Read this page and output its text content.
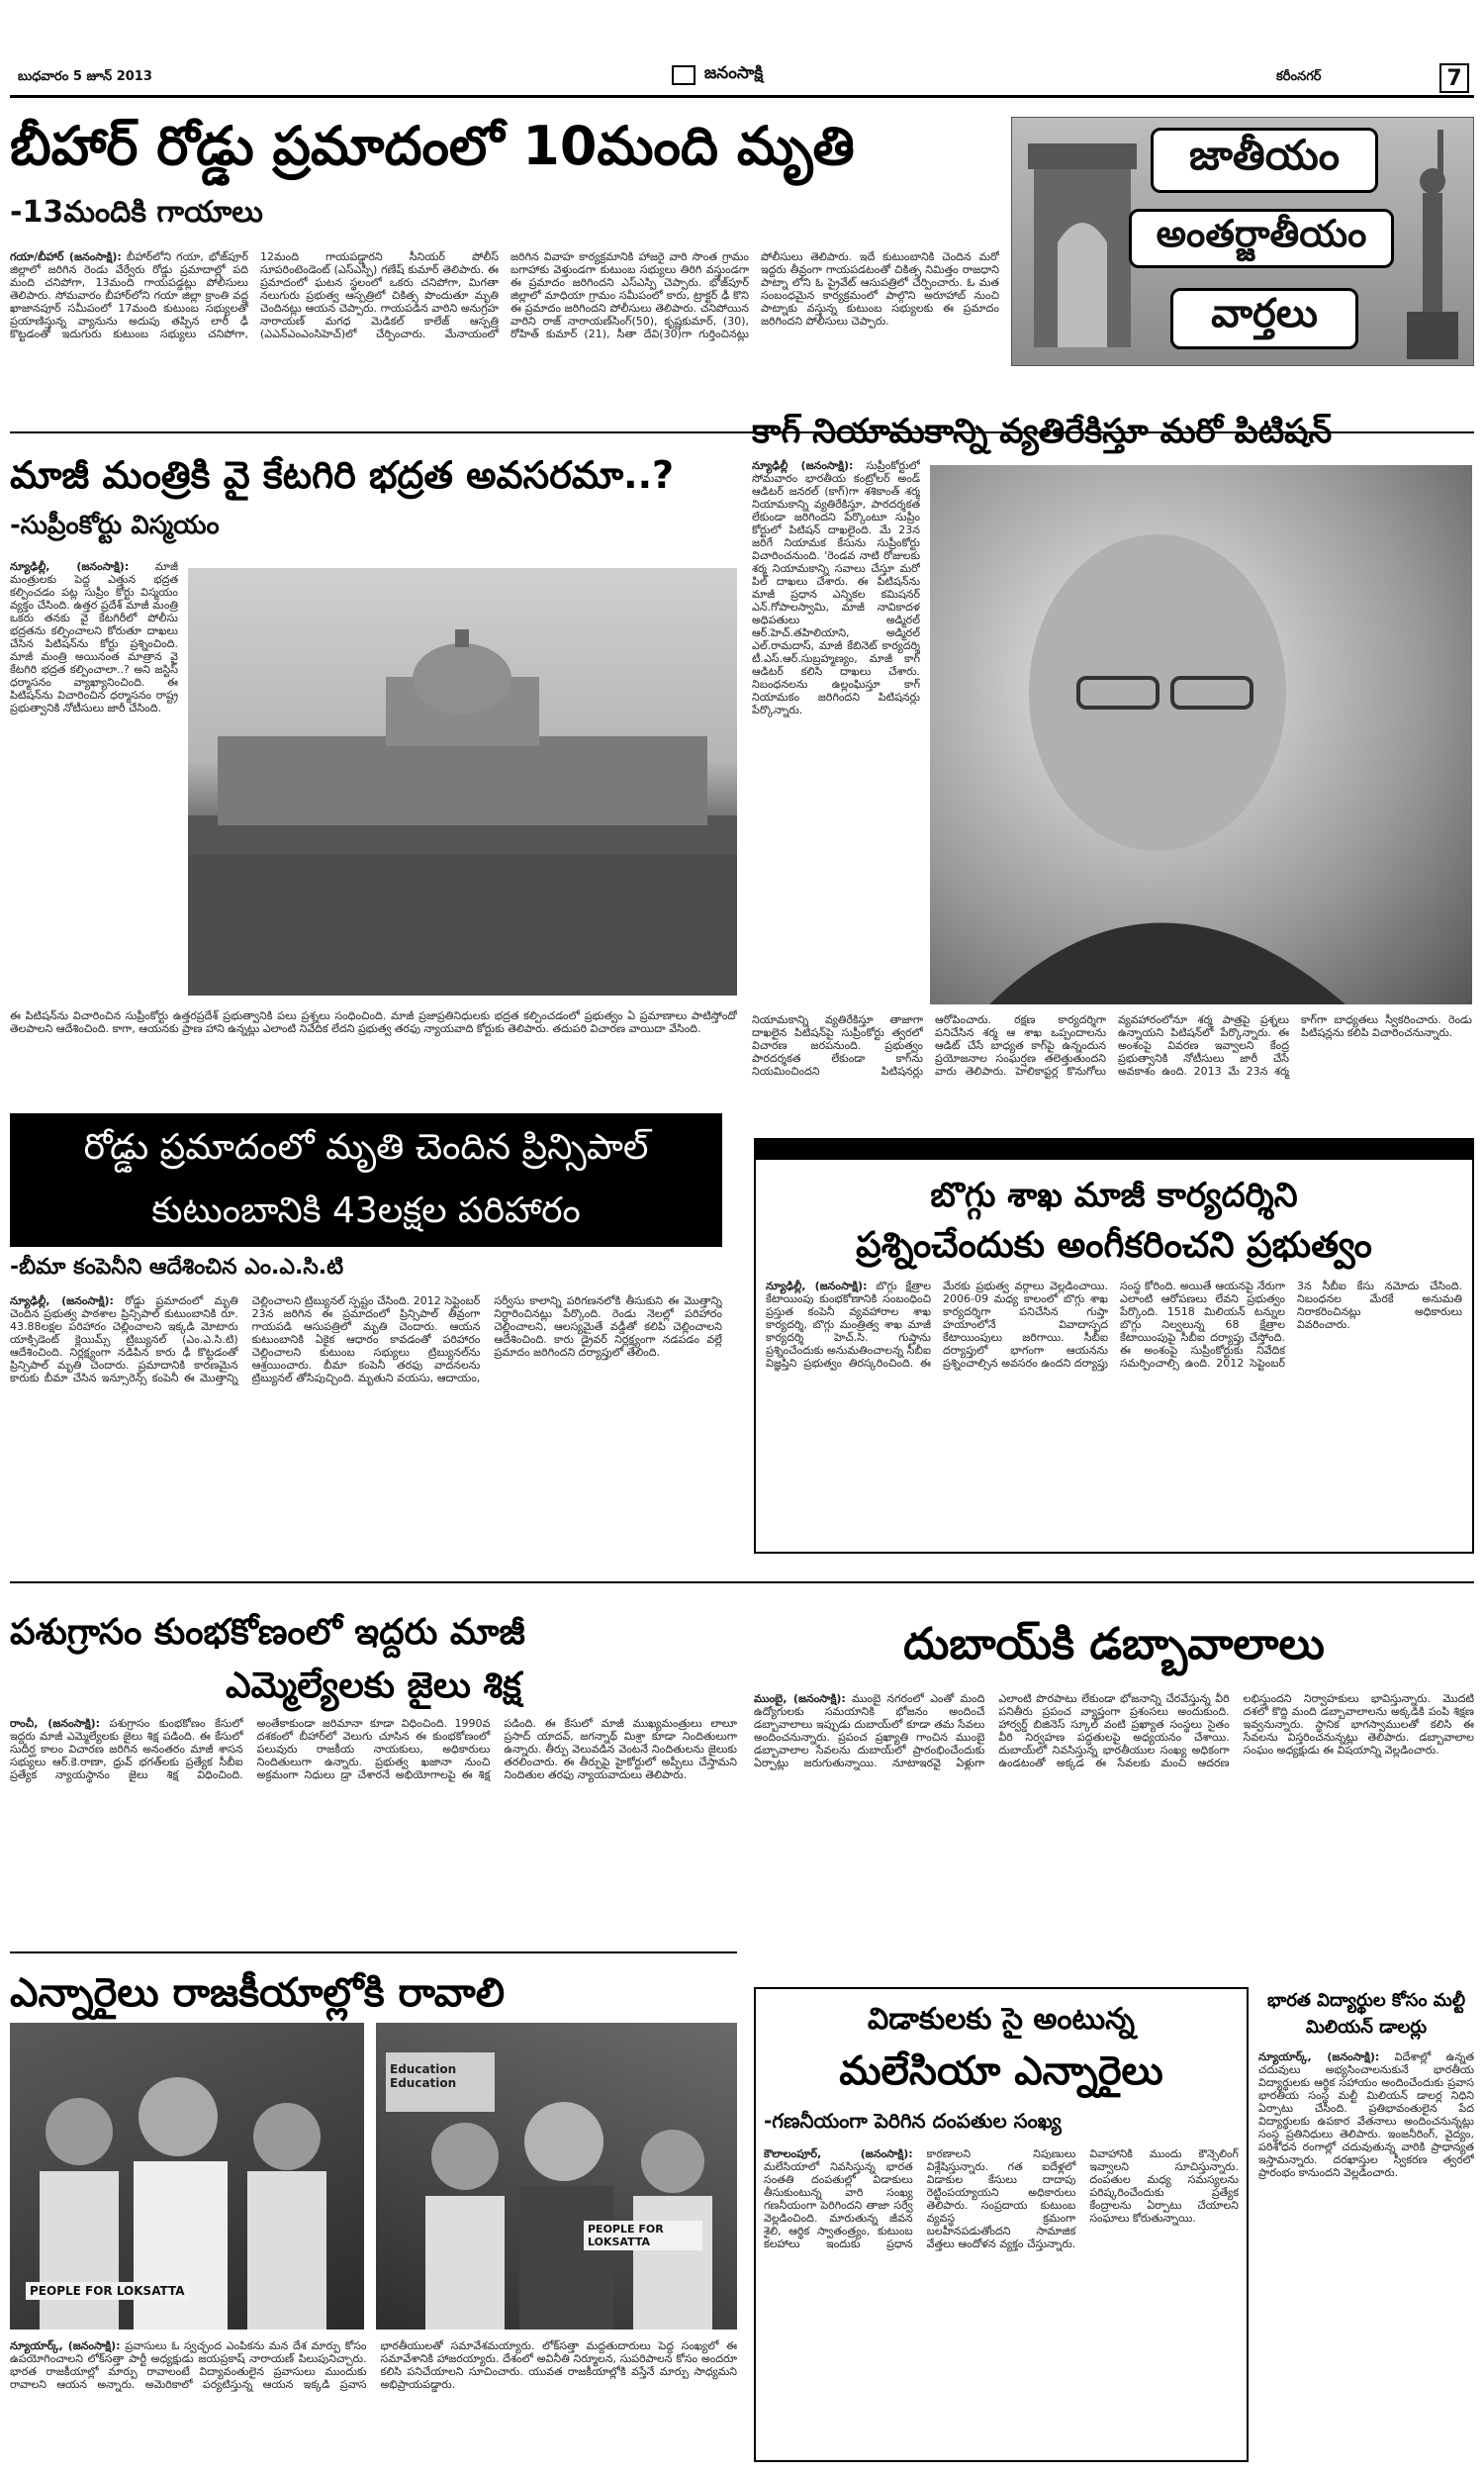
బుధవారం 5 జూన్ 2013	జనంసాక్షి	కరీంనగర్	7
బీహార్ రోడ్డు ప్రమాదంలో 10మంది మృతి
-13మందికి గాయాలు
గయా/బీహార్ (జనంసాక్షి): బీహార్‌లోని గయా, భోజ్‌పూర్ జిల్లాలో జరిగిన రెండు వేర్వేరు రోడ్డు ప్రమాదాల్లో పది మంది చనిపోగా, 13మంది గాయపడ్డట్లు పోలీసులు తెలిపారు. సోమవారం బీహార్‌లోని గయా జిల్లా క్రాంతి వద్ద ఖాజానపూర్ సమీపంలో 17మంది కుటుంబ సభ్యులతో ప్రయాణిస్తున్న వ్యానును అదుపు తప్పిన లారీ ఢీ కొట్టడంతో ఇదుగురు కుటుంబ సభ్యులు చనిపోగా, 12మంది గాయపడ్డారని సీనియర్ పోలీస్ సూపరింటెండెంట్ (ఎస్ఎస్పీ) గణేష్ కుమార్ తెలిపారు. ఈ ప్రమాదంలో ఘటన స్థలంలో ఒకరు చనిపోగా, మిగతా నలుగురు ప్రభుత్వ ఆస్పత్రిలో చికిత్స పొందుతూ మృతి చెందినట్లు ఆయన చెప్పారు. గాయపడిన వారిని అనుగ్రహ నారాయణ్ మగధ మెడికల్ కాలేజ్ ఆస్పత్రి (ఎఎన్ఎంఎంసిహెచ్)లో చేర్పించారు. మేనాయంలో జరిగిన వివాహ కార్యక్రమానికి హాజరై వారి సొంత గ్రామం బగాహాకు వెళ్తుండగా కుటుంబ సభ్యులు తిరిగి వస్తుండగా ఈ ప్రమాదం జరిగిందని ఎస్ఎస్పి చెప్పారు. భోజ్‌పూర్ జిల్లాలో మాధియా గ్రామం సమీపంలో కారు, ట్రాక్టర్ ఢీ కొని ఈ ప్రమాదం జరిగిందని పోలీసులు తెలిపారు. చనిపోయిన వారిని రాజ్ నారాయణ్‌సింగ్(50), కృష్ణకుమార్, (30), రోహిత్ కుమార్ (21), సీతా దేవి(30)గా గుర్తించినట్లు పోలీసులు తెలిపారు. ఇదే కుటుంబానికి చెందిన మరో ఇద్దరు తీవ్రంగా గాయపడటంతో చికిత్స నిమిత్తం రాజధాని పాట్నా లోని ఓ ప్రైవేట్ ఆసుపత్రిలో చేర్పించారు. ఓ మత సంబంధమైన కార్యక్రమంలో పాల్గొని అరూహాబ్ నుంచి పాట్నాకు వస్తున్న కుటుంబ సభ్యులకు ఈ ప్రమాదం జరిగిందని పోలీసులు చెప్పారు.
జాతీయం
అంతర్జాతీయం
వార్తలు
మాజీ మంత్రికి వై కేటగిరి భద్రత అవసరమా..?
-సుప్రీంకోర్టు విస్మయం
న్యూఢిల్లీ, (జనంసాక్షి): మాజీ మంత్రులకు పెద్ద ఎత్తున భద్రత కల్పించడం పట్ల సుప్రీం కోర్టు విస్మయం వ్యక్తం చేసింది. ఉత్తర ప్రదేశ్ మాజీ మంత్రి ఒకరు తనకు వై కేటగిరీలో పోలీసు భద్రతను కల్పించాలని కోరుతూ దాఖలు చేసిన పిటిషన్‌ను కోర్టు ప్రశ్నించింది. మాజీ మంత్రి అయినంత మాత్రాన వై కేటగిరి భద్రత కల్పించాలా..? అని జస్టిస్ ధర్మాసనం వ్యాఖ్యానించింది. ఈ పిటిషన్‌ను విచారించిన ధర్మాసనం రాష్ట్ర ప్రభుత్వానికి నోటీసులు జారీ చేసింది.
ఈ పిటిషన్‌ను విచారించిన సుప్రీంకోర్టు ఉత్తరప్రదేశ్ ప్రభుత్వానికి పలు ప్రశ్నలు సంధించింది. మాజీ ప్రజాప్రతినిధులకు భద్రత కల్పించడంలో ప్రభుత్వం ఏ ప్రమాణాలు పాటిస్తోందో తెలపాలని ఆదేశించింది. కాగా, ఆయనకు ప్రాణ హాని ఉన్నట్లు ఎలాంటి నివేదిక లేదని ప్రభుత్వ తరఫు న్యాయవాది కోర్టుకు తెలిపారు. తదుపరి విచారణ వాయిదా వేసింది.
కాగ్ నియామకాన్ని వ్యతిరేకిస్తూ మరో పిటిషన్
న్యూఢిల్లీ (జనంసాక్షి): సుప్రీంకోర్టులో సోమవారం భారతీయ కంట్రోలర్ అండ్ ఆడిటర్ జనరల్ (కాగ్)గా శశికాంత్ శర్మ నియామకాన్ని వ్యతిరేకిస్తూ, పారదర్శకత లేకుండా జరిగిందని పేర్కొంటూ సుప్రీం కోర్టులో పిటిషన్ దాఖలైంది. మే 23న జరిగే నియామక కేసును సుప్రీంకోర్టు విచారించనుంది. 'రెండవ నాటి రోజులకు శర్మ నియామకాన్ని సవాలు చేస్తూ మరో పిల్ దాఖలు చేశారు. ఈ పిటిషన్‌ను మాజీ ప్రధాన ఎన్నికల కమిషనర్ ఎన్.గోపాలస్వామి, మాజీ నావికాదళ అధిపతులు అడ్మిరల్ ఆర్.హెచ్.తహిలియాని, అడ్మిరల్ ఎల్.రామదాస్, మాజీ కేబినెట్ కార్యదర్శి టీ.ఎస్.ఆర్.సుబ్రహ్మణ్యం, మాజీ కాగ్ ఆడిటర్ కలిసి దాఖలు చేశారు. నిబంధనలను ఉల్లంఘిస్తూ కాగ్ నియామకం జరిగిందని పిటిషనర్లు పేర్కొన్నారు.
నియామకాన్ని వ్యతిరేకిస్తూ తాజాగా దాఖలైన పిటిషన్‌పై సుప్రీంకోర్టు త్వరలో విచారణ జరపనుంది. ప్రభుత్వం పారదర్శకత లేకుండా కాగ్‌ను నియమించిందని పిటిషనర్లు ఆరోపించారు. రక్షణ కార్యదర్శిగా పనిచేసిన శర్మ ఆ శాఖ ఒప్పందాలను ఆడిట్ చేసే బాధ్యత కాగ్‌పై ఉన్నందున ప్రయోజనాల సంఘర్షణ తలెత్తుతుందని వారు తెలిపారు. హెలికాప్టర్ల కొనుగోలు వ్యవహారంలోనూ శర్మ పాత్రపై ప్రశ్నలు ఉన్నాయని పిటిషన్‌లో పేర్కొన్నారు. ఈ అంశంపై వివరణ ఇవ్వాలని కేంద్ర ప్రభుత్వానికి నోటీసులు జారీ చేసే అవకాశం ఉంది. 2013 మే 23న శర్మ కాగ్‌గా బాధ్యతలు స్వీకరించారు. రెండు పిటిషన్లను కలిపి విచారించనున్నారు.
రోడ్డు ప్రమాదంలో మృతి చెందిన ప్రిన్సిపాల్
కుటుంబానికి 43లక్షల పరిహారం
-బీమా కంపెనీని ఆదేశించిన ఎం.ఎ.సి.టి
న్యూఢిల్లీ, (జనంసాక్షి): రోడ్డు ప్రమాదంలో మృతి చెందిన ప్రభుత్వ పాఠశాల ప్రిన్సిపాల్ కుటుంబానికి రూ. 43.88లక్షల పరిహారం చెల్లించాలని ఇక్కడి మోటారు యాక్సిడెంట్ క్లెయిమ్స్ ట్రిబ్యునల్ (ఎం.ఎ.సి.టి) ఆదేశించింది. నిర్లక్ష్యంగా నడిపిన కారు ఢీ కొట్టడంతో ప్రిన్సిపాల్ మృతి చెందారు. ప్రమాదానికి కారణమైన కారుకు బీమా చేసిన ఇన్సూరెన్స్ కంపెనీ ఈ మొత్తాన్ని చెల్లించాలని ట్రిబ్యునల్ స్పష్టం చేసింది. 2012 సెప్టెంబర్ 23న జరిగిన ఈ ప్రమాదంలో ప్రిన్సిపాల్ తీవ్రంగా గాయపడి ఆసుపత్రిలో మృతి చెందారు. ఆయన కుటుంబానికి ఏకైక ఆధారం కావడంతో పరిహారం చెల్లించాలని కుటుంబ సభ్యులు ట్రిబ్యునల్‌ను ఆశ్రయించారు. బీమా కంపెనీ తరఫు వాదనలను ట్రిబ్యునల్ తోసిపుచ్చింది. మృతుని వయసు, ఆదాయం, సర్వీసు కాలాన్ని పరిగణనలోకి తీసుకుని ఈ మొత్తాన్ని నిర్ధారించినట్లు పేర్కొంది. రెండు నెలల్లో పరిహారం చెల్లించాలని, ఆలస్యమైతే వడ్డీతో కలిపి చెల్లించాలని ఆదేశించింది. కారు డ్రైవర్ నిర్లక్ష్యంగా నడపడం వల్లే ప్రమాదం జరిగిందని దర్యాప్తులో తేలింది.
బొగ్గు శాఖ మాజీ కార్యదర్శిని
ప్రశ్నించేందుకు అంగీకరించని ప్రభుత్వం
న్యూఢిల్లీ, (జనంసాక్షి): బొగ్గు క్షేత్రాల కేటాయింపు కుంభకోణానికి సంబంధించి ప్రస్తుత కంపెనీ వ్యవహారాల శాఖ కార్యదర్శి, బొగ్గు మంత్రిత్వ శాఖ మాజీ కార్యదర్శి హెచ్.సి. గుప్తాను ప్రశ్నించేందుకు అనుమతించాలన్న సీబీఐ విజ్ఞప్తిని ప్రభుత్వం తిరస్కరించింది. ఈ మేరకు ప్రభుత్వ వర్గాలు వెల్లడించాయి. 2006-09 మధ్య కాలంలో బొగ్గు శాఖ కార్యదర్శిగా పనిచేసిన గుప్తా హయాంలోనే వివాదాస్పద కేటాయింపులు జరిగాయి. సీబీఐ దర్యాప్తులో భాగంగా ఆయనను ప్రశ్నించాల్సిన అవసరం ఉందని దర్యాప్తు సంస్థ కోరింది. అయితే ఆయనపై నేరుగా ఎలాంటి ఆరోపణలు లేవని ప్రభుత్వం పేర్కొంది. 1518 మిలియన్ టన్నుల బొగ్గు నిల్వలున్న 68 క్షేత్రాల కేటాయింపుపై సీబీఐ దర్యాప్తు చేస్తోంది. ఈ అంశంపై సుప్రీంకోర్టుకు నివేదిక సమర్పించాల్సి ఉంది. 2012 సెప్టెంబర్ 3న సీబీఐ కేసు నమోదు చేసింది. నిబంధనల మేరకే అనుమతి నిరాకరించినట్లు అధికారులు వివరించారు.
పశుగ్రాసం కుంభకోణంలో ఇద్దరు మాజీ
ఎమ్మెల్యేలకు జైలు శిక్ష
రాంచీ, (జనంసాక్షి): పశుగ్రాసం కుంభకోణం కేసులో ఇద్దరు మాజీ ఎమ్మెల్యేలకు జైలు శిక్ష పడింది. ఈ కేసులో సుదీర్ఘ కాలం విచారణ జరిగిన అనంతరం మాజీ శాసన సభ్యులు ఆర్.కె.రాణా, ధ్రువ్ భగత్‌లకు ప్రత్యేక సీబీఐ ప్రత్యేక న్యాయస్థానం జైలు శిక్ష విధించింది. అంతేకాకుండా జరిమానా కూడా విధించింది. 1990వ దశకంలో బీహార్‌లో వెలుగు చూసిన ఈ కుంభకోణంలో పలువురు రాజకీయ నాయకులు, అధికారులు నిందితులుగా ఉన్నారు. ప్రభుత్వ ఖజానా నుంచి అక్రమంగా నిధులు డ్రా చేశారనే అభియోగాలపై ఈ శిక్ష పడింది. ఈ కేసులో మాజీ ముఖ్యమంత్రులు లాలూ ప్రసాద్ యాదవ్, జగన్నాథ్ మిశ్రా కూడా నిందితులుగా ఉన్నారు. తీర్పు వెలువడిన వెంటనే నిందితులను జైలుకు తరలించారు. ఈ తీర్పుపై హైకోర్టులో అప్పీలు చేస్తామని నిందితుల తరఫు న్యాయవాదులు తెలిపారు.
దుబాయ్‌కి డబ్బావాలాలు
ముంబై, (జనంసాక్షి): ముంబై నగరంలో ఎంతో మంది ఉద్యోగులకు సమయానికి భోజనం అందించే డబ్బావాలాలు ఇప్పుడు దుబాయ్‌లో కూడా తమ సేవలు అందించనున్నారు. ప్రపంచ ప్రఖ్యాతి గాంచిన ముంబై డబ్బావాలాల సేవలను దుబాయ్‌లో ప్రారంభించేందుకు ఏర్పాట్లు జరుగుతున్నాయి. నూటాఇరవై ఏళ్లుగా ఎలాంటి పొరపాటు లేకుండా భోజనాన్ని చేరవేస్తున్న వీరి పనితీరు ప్రపంచ వ్యాప్తంగా ప్రశంసలు అందుకుంది. హార్వర్డ్ బిజినెస్ స్కూల్ వంటి ప్రఖ్యాత సంస్థలు సైతం వీరి నిర్వహణ పద్ధతులపై అధ్యయనం చేశాయి. దుబాయ్‌లో నివసిస్తున్న భారతీయుల సంఖ్య అధికంగా ఉండటంతో అక్కడ ఈ సేవలకు మంచి ఆదరణ లభిస్తుందని నిర్వాహకులు భావిస్తున్నారు. మొదటి దశలో కొద్ది మంది డబ్బావాలాలను అక్కడికి పంపి శిక్షణ ఇవ్వనున్నారు. స్థానిక భాగస్వాములతో కలిసి ఈ సేవలను విస్తరించనున్నట్లు తెలిపారు. డబ్బావాలాల సంఘం అధ్యక్షుడు ఈ విషయాన్ని వెల్లడించారు.
ఎన్నారైలు రాజకీయాల్లోకి రావాలి
PEOPLE FOR LOKSATTA
Education Education
PEOPLE FOR LOKSATTA
న్యూయార్క్, (జనంసాక్షి): ప్రవాసులు ఓ స్వచ్ఛంద ఎంపికను మన దేశ మార్పు కోసం ఉపయోగించాలని లోక్‌సత్తా పార్టీ అధ్యక్షుడు జయప్రకాష్ నారాయణ్ పిలుపునిచ్చారు. భారత రాజకీయాల్లో మార్పు రావాలంటే విద్యావంతులైన ప్రవాసులు ముందుకు రావాలని ఆయన అన్నారు. అమెరికాలో పర్యటిస్తున్న ఆయన ఇక్కడి ప్రవాస భారతీయులతో సమావేశమయ్యారు. లోక్‌సత్తా మద్దతుదారులు పెద్ద సంఖ్యలో ఈ సమావేశానికి హాజరయ్యారు. దేశంలో అవినీతి నిర్మూలన, సుపరిపాలన కోసం అందరూ కలిసి పనిచేయాలని సూచించారు. యువత రాజకీయాల్లోకి వస్తేనే మార్పు సాధ్యమని అభిప్రాయపడ్డారు.
విడాకులకు సై అంటున్న
మలేసియా ఎన్నారైలు
-గణనీయంగా పెరిగిన దంపతుల సంఖ్య
కౌలాలంపూర్, (జనంసాక్షి): మలేసియాలో నివసిస్తున్న భారత సంతతి దంపతుల్లో విడాకులు తీసుకుంటున్న వారి సంఖ్య గణనీయంగా పెరిగిందని తాజా సర్వే వెల్లడించింది. మారుతున్న జీవన శైలి, ఆర్థిక స్వాతంత్ర్యం, కుటుంబ కలహాలు ఇందుకు ప్రధాన కారణాలని నిపుణులు విశ్లేషిస్తున్నారు. గత ఐదేళ్లలో విడాకుల కేసులు దాదాపు రెట్టింపయ్యాయని అధికారులు తెలిపారు. సంప్రదాయ కుటుంబ వ్యవస్థ క్రమంగా బలహీనపడుతోందని సామాజిక వేత్తలు ఆందోళన వ్యక్తం చేస్తున్నారు. వివాహానికి ముందు కౌన్సెలింగ్ ఇవ్వాలని సూచిస్తున్నారు. దంపతుల మధ్య సమస్యలను పరిష్కరించేందుకు ప్రత్యేక కేంద్రాలను ఏర్పాటు చేయాలని సంఘాలు కోరుతున్నాయి.
భారత విద్యార్థుల కోసం మల్టీ మిలియన్ డాలర్లు
న్యూయార్క్, (జనంసాక్షి): విదేశాల్లో ఉన్నత చదువులు అభ్యసించాలనుకునే భారతీయ విద్యార్థులకు ఆర్థిక సహాయం అందించేందుకు ప్రవాస భారతీయ సంస్థ మల్టీ మిలియన్ డాలర్ల నిధిని ఏర్పాటు చేసింది. ప్రతిభావంతులైన పేద విద్యార్థులకు ఉపకార వేతనాలు అందించనున్నట్లు సంస్థ ప్రతినిధులు తెలిపారు. ఇంజనీరింగ్, వైద్యం, పరిశోధన రంగాల్లో చదువుతున్న వారికి ప్రాధాన్యత ఇస్తామన్నారు. దరఖాస్తుల స్వీకరణ త్వరలో ప్రారంభం కానుందని వెల్లడించారు.
